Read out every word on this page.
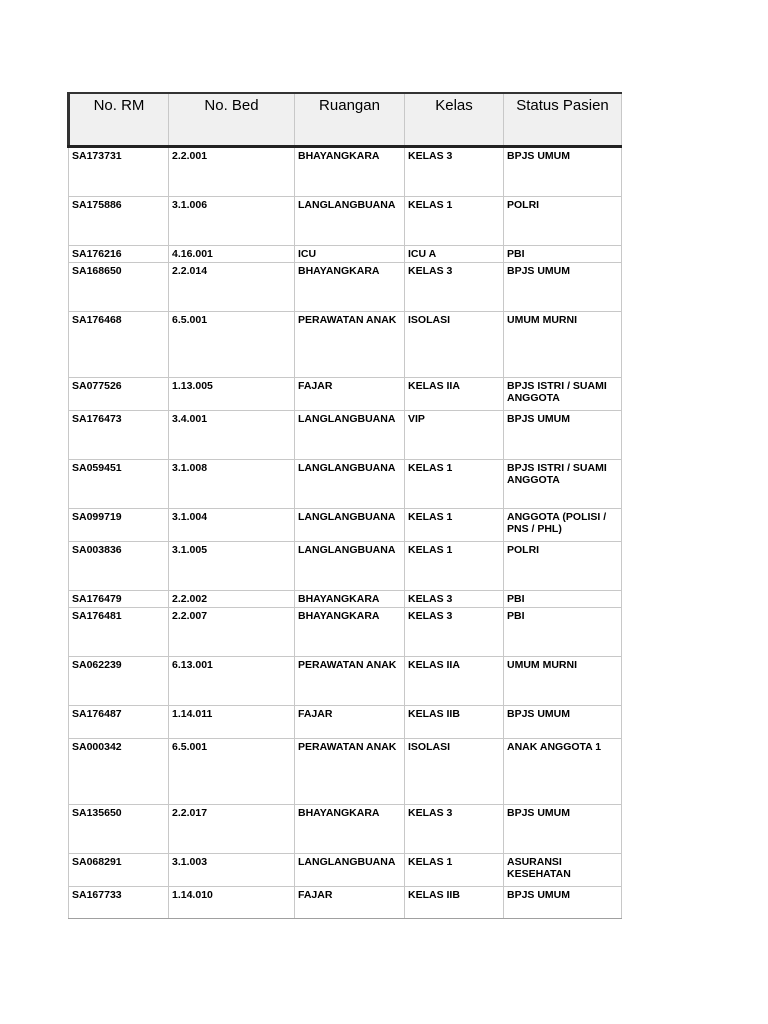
No. RM	No. Bed	Ruangan	Kelas	Status Pasien
SA173731	2.2.001	BHAYANGKARA	KELAS 3	BPJS UMUM
SA175886	3.1.006	LANGLANGBUANA	KELAS 1	POLRI
SA176216	4.16.001	ICU	ICU A	PBI
SA168650	2.2.014	BHAYANGKARA	KELAS 3	BPJS UMUM
SA176468	6.5.001	PERAWATAN ANAK	ISOLASI	UMUM MURNI
SA077526	1.13.005	FAJAR	KELAS IIA	BPJS ISTRI / SUAMI ANGGOTA
SA176473	3.4.001	LANGLANGBUANA	VIP	BPJS UMUM
SA059451	3.1.008	LANGLANGBUANA	KELAS 1	BPJS ISTRI / SUAMI ANGGOTA
SA099719	3.1.004	LANGLANGBUANA	KELAS 1	ANGGOTA (POLISI / PNS / PHL)
SA003836	3.1.005	LANGLANGBUANA	KELAS 1	POLRI
SA176479	2.2.002	BHAYANGKARA	KELAS 3	PBI
SA176481	2.2.007	BHAYANGKARA	KELAS 3	PBI
SA062239	6.13.001	PERAWATAN ANAK	KELAS IIA	UMUM MURNI
SA176487	1.14.011	FAJAR	KELAS IIB	BPJS UMUM
SA000342	6.5.001	PERAWATAN ANAK	ISOLASI	ANAK ANGGOTA 1
SA135650	2.2.017	BHAYANGKARA	KELAS 3	BPJS UMUM
SA068291	3.1.003	LANGLANGBUANA	KELAS 1	ASURANSI KESEHATAN
SA167733	1.14.010	FAJAR	KELAS IIB	BPJS UMUM
